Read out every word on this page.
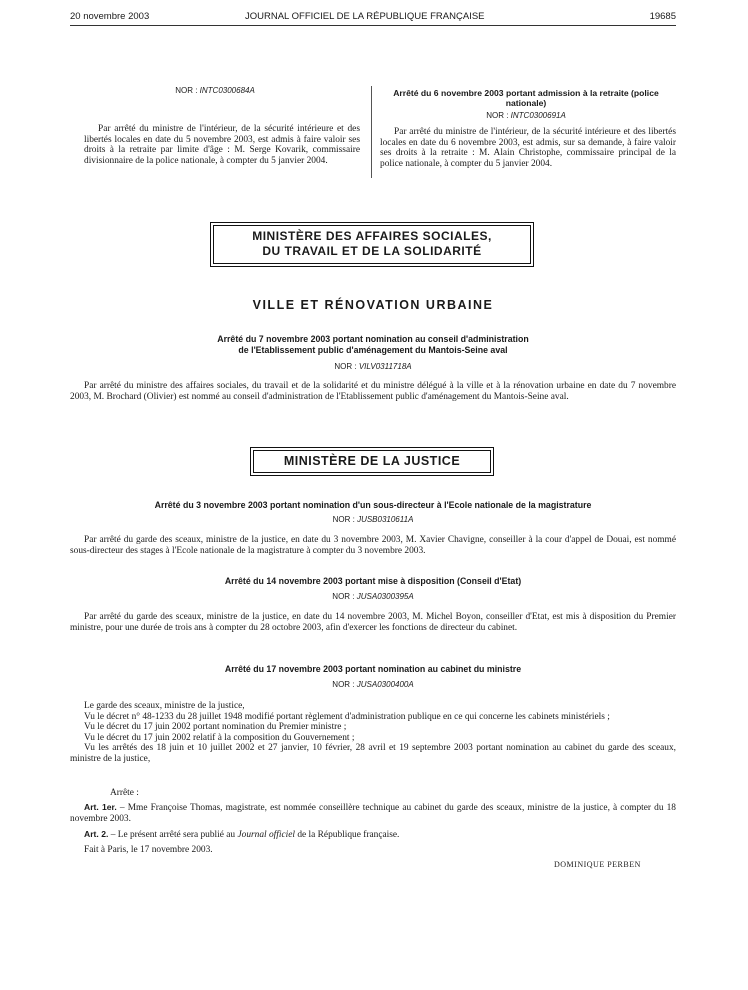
20 novembre 2003	JOURNAL OFFICIEL DE LA RÉPUBLIQUE FRANÇAISE	19685
NOR : INTC0300684A

Par arrêté du ministre de l'intérieur, de la sécurité intérieure et des libertés locales en date du 5 novembre 2003, est admis à faire valoir ses droits à la retraite par limite d'âge : M. Serge Kovarik, commissaire divisionnaire de la police nationale, à compter du 5 janvier 2004.

Arrêté du 6 novembre 2003 portant admission à la retraite (police nationale)
NOR : INTC0300691A

Par arrêté du ministre de l'intérieur, de la sécurité intérieure et des libertés locales en date du 6 novembre 2003, est admis, sur sa demande, à faire valoir ses droits à la retraite : M. Alain Christophe, commissaire principal de la police nationale, à compter du 5 janvier 2004.

MINISTÈRE DES AFFAIRES SOCIALES,
DU TRAVAIL ET DE LA SOLIDARITÉ
VILLE ET RÉNOVATION URBAINE
Arrêté du 7 novembre 2003 portant nomination au conseil d'administration
de l'Etablissement public d'aménagement du Mantois-Seine aval
NOR : VILV0311718A

Par arrêté du ministre des affaires sociales, du travail et de la solidarité et du ministre délégué à la ville et à la rénovation urbaine en date du 7 novembre 2003, M. Brochard (Olivier) est nommé au conseil d'administration de l'Etablissement public d'aménagement du Mantois-Seine aval.

MINISTÈRE DE LA JUSTICE
Arrêté du 3 novembre 2003 portant nomination d'un sous-directeur à l'Ecole nationale de la magistrature
NOR : JUSB0310611A

Par arrêté du garde des sceaux, ministre de la justice, en date du 3 novembre 2003, M. Xavier Chavigne, conseiller à la cour d'appel de Douai, est nommé sous-directeur des stages à l'Ecole nationale de la magistrature à compter du 3 novembre 2003.

Arrêté du 14 novembre 2003 portant mise à disposition (Conseil d'Etat)
NOR : JUSA0300395A

Par arrêté du garde des sceaux, ministre de la justice, en date du 14 novembre 2003, M. Michel Boyon, conseiller d'Etat, est mis à disposition du Premier ministre, pour une durée de trois ans à compter du 28 octobre 2003, afin d'exercer les fonctions de directeur du cabinet.

Arrêté du 17 novembre 2003 portant nomination au cabinet du ministre
NOR : JUSA0300400A

Le garde des sceaux, ministre de la justice,

Vu le décret n° 48-1233 du 28 juillet 1948 modifié portant règlement d'administration publique en ce qui concerne les cabinets ministériels ;

Vu le décret du 17 juin 2002 portant nomination du Premier ministre ;

Vu le décret du 17 juin 2002 relatif à la composition du Gouvernement ;

Vu les arrêtés des 18 juin et 10 juillet 2002 et 27 janvier, 10 février, 28 avril et 19 septembre 2003 portant nomination au cabinet du garde des sceaux, ministre de la justice,

Arrête :

Art. 1er. – Mme Françoise Thomas, magistrate, est nommée conseillère technique au cabinet du garde des sceaux, ministre de la justice, à compter du 18 novembre 2003.

Art. 2. – Le présent arrêté sera publié au Journal officiel de la République française.

Fait à Paris, le 17 novembre 2003.
DOMINIQUE PERBEN
